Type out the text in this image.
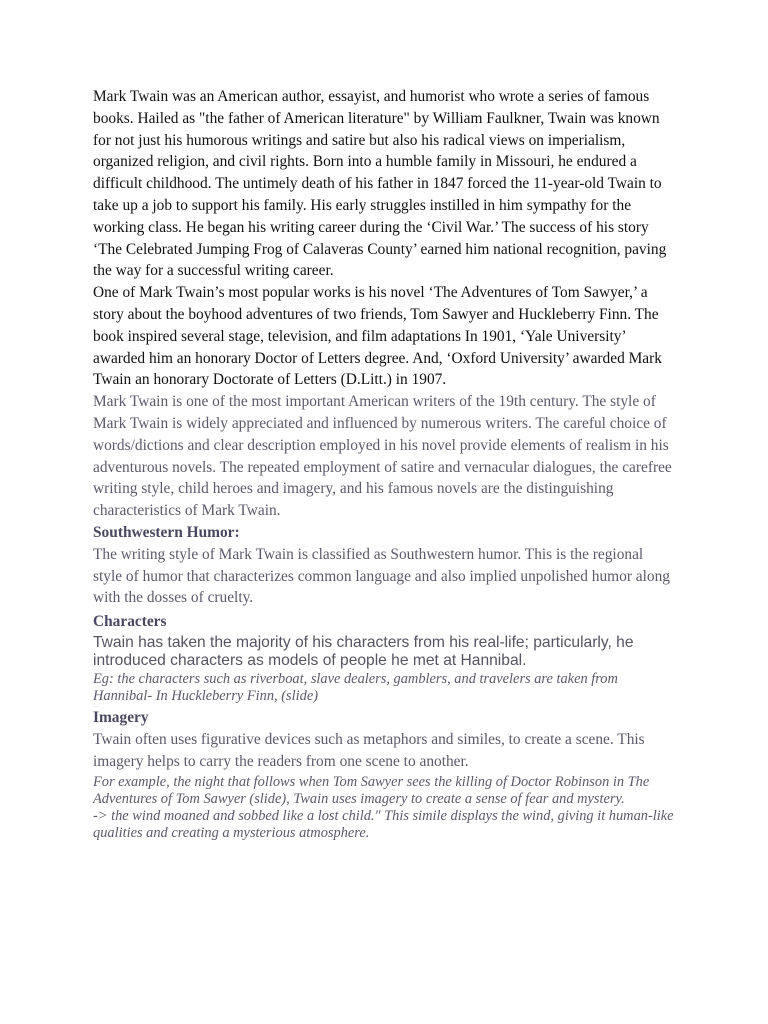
Mark Twain was an American author, essayist, and humorist who wrote a series of famous books. Hailed as "the father of American literature" by William Faulkner, Twain was known for not just his humorous writings and satire but also his radical views on imperialism, organized religion, and civil rights. Born into a humble family in Missouri, he endured a difficult childhood. The untimely death of his father in 1847 forced the 11-year-old Twain to take up a job to support his family. His early struggles instilled in him sympathy for the working class. He began his writing career during the ‘Civil War.’ The success of his story ‘The Celebrated Jumping Frog of Calaveras County’ earned him national recognition, paving the way for a successful writing career.

One of Mark Twain’s most popular works is his novel ‘The Adventures of Tom Sawyer,’ a story about the boyhood adventures of two friends, Tom Sawyer and Huckleberry Finn. The book inspired several stage, television, and film adaptations In 1901, ‘Yale University’ awarded him an honorary Doctor of Letters degree. And, ‘Oxford University’ awarded Mark Twain an honorary Doctorate of Letters (D.Litt.) in 1907.

Mark Twain is one of the most important American writers of the 19th century. The style of Mark Twain is widely appreciated and influenced by numerous writers. The careful choice of words/dictions and clear description employed in his novel provide elements of realism in his adventurous novels. The repeated employment of satire and vernacular dialogues, the carefree writing style, child heroes and imagery, and his famous novels are the distinguishing characteristics of Mark Twain.

Southwestern Humor:

The writing style of Mark Twain is classified as Southwestern humor. This is the regional style of humor that characterizes common language and also implied unpolished humor along with the dosses of cruelty.

Characters

Twain has taken the majority of his characters from his real-life; particularly, he introduced characters as models of people he met at Hannibal.

Eg: the characters such as riverboat, slave dealers, gamblers, and travelers are taken from Hannibal- In Huckleberry Finn, (slide)

Imagery

Twain often uses figurative devices such as metaphors and similes, to create a scene. This imagery helps to carry the readers from one scene to another.

For example, the night that follows when Tom Sawyer sees the killing of Doctor Robinson in The Adventures of Tom Sawyer (slide), Twain uses imagery to create a sense of fear and mystery.

-> the wind moaned and sobbed like a lost child." This simile displays the wind, giving it human-like qualities and creating a mysterious atmosphere.
